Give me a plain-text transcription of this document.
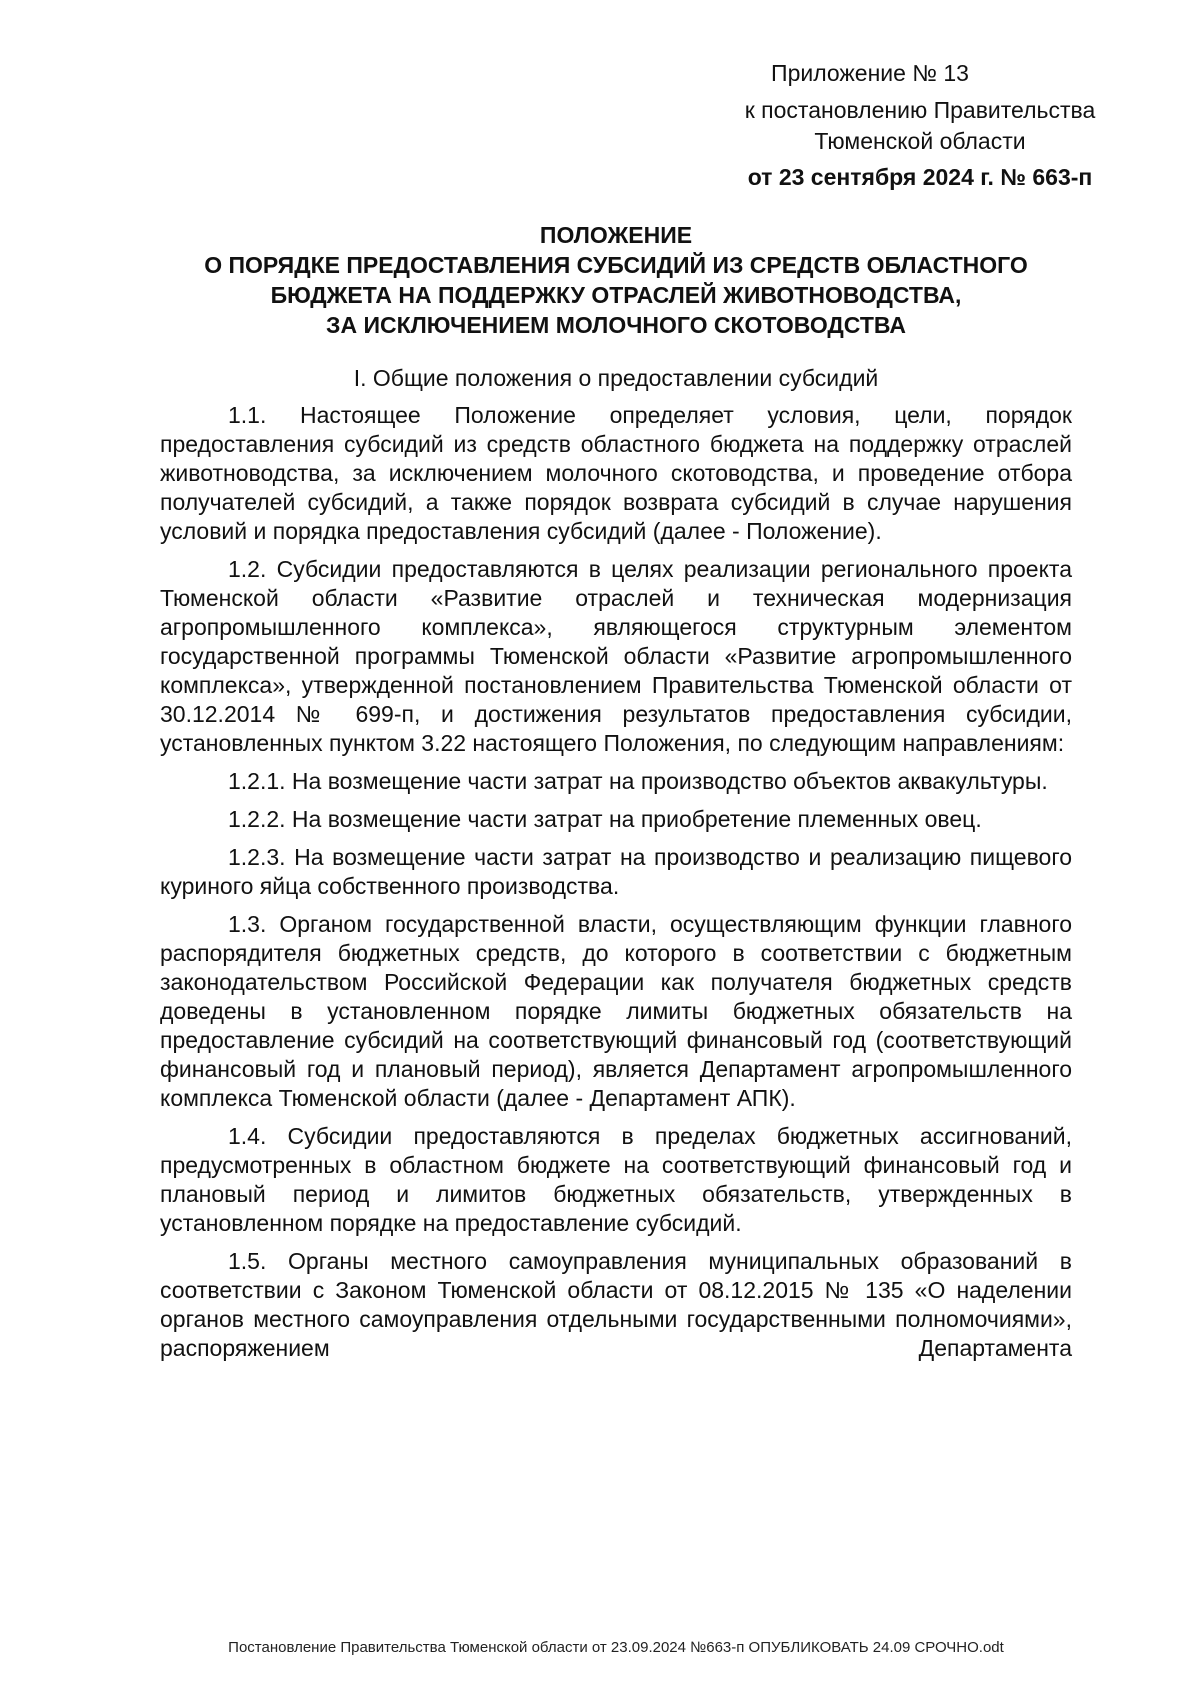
Приложение № 13
к постановлению Правительства
Тюменской области
от 23 сентября 2024 г. № 663-п
ПОЛОЖЕНИЕ
О ПОРЯДКЕ ПРЕДОСТАВЛЕНИЯ СУБСИДИЙ ИЗ СРЕДСТВ ОБЛАСТНОГО
БЮДЖЕТА НА ПОДДЕРЖКУ ОТРАСЛЕЙ ЖИВОТНОВОДСТВА,
ЗА ИСКЛЮЧЕНИЕМ МОЛОЧНОГО СКОТОВОДСТВА
I. Общие положения о предоставлении субсидий

1.1. Настоящее Положение определяет условия, цели, порядок предоставления субсидий из средств областного бюджета на поддержку отраслей животноводства, за исключением молочного скотоводства, и проведение отбора получателей субсидий, а также порядок возврата субсидий в случае нарушения условий и порядка предоставления субсидий (далее - Положение).

1.2. Субсидии предоставляются в целях реализации регионального проекта Тюменской области «Развитие отраслей и техническая модернизация агропромышленного комплекса», являющегося структурным элементом государственной программы Тюменской области «Развитие агропромышленного комплекса», утвержденной постановлением Правительства Тюменской области от 30.12.2014 № 699-п, и достижения результатов предоставления субсидии, установленных пунктом 3.22 настоящего Положения, по следующим направлениям:

1.2.1. На возмещение части затрат на производство объектов аквакультуры.

1.2.2. На возмещение части затрат на приобретение племенных овец.

1.2.3. На возмещение части затрат на производство и реализацию пищевого куриного яйца собственного производства.

1.3. Органом государственной власти, осуществляющим функции главного распорядителя бюджетных средств, до которого в соответствии с бюджетным законодательством Российской Федерации как получателя бюджетных средств доведены в установленном порядке лимиты бюджетных обязательств на предоставление субсидий на соответствующий финансовый год (соответствующий финансовый год и плановый период), является Департамент агропромышленного комплекса Тюменской области (далее - Департамент АПК).

1.4. Субсидии предоставляются в пределах бюджетных ассигнований, предусмотренных в областном бюджете на соответствующий финансовый год и плановый период и лимитов бюджетных обязательств, утвержденных в установленном порядке на предоставление субсидий.

1.5. Органы местного самоуправления муниципальных образований в соответствии с Законом Тюменской области от 08.12.2015 № 135 «О наделении органов местного самоуправления отдельными государственными полномочиями», распоряжением Департамента

Постановление Правительства Тюменской области от 23.09.2024 №663-п ОПУБЛИКОВАТЬ 24.09 СРОЧНО.odt
